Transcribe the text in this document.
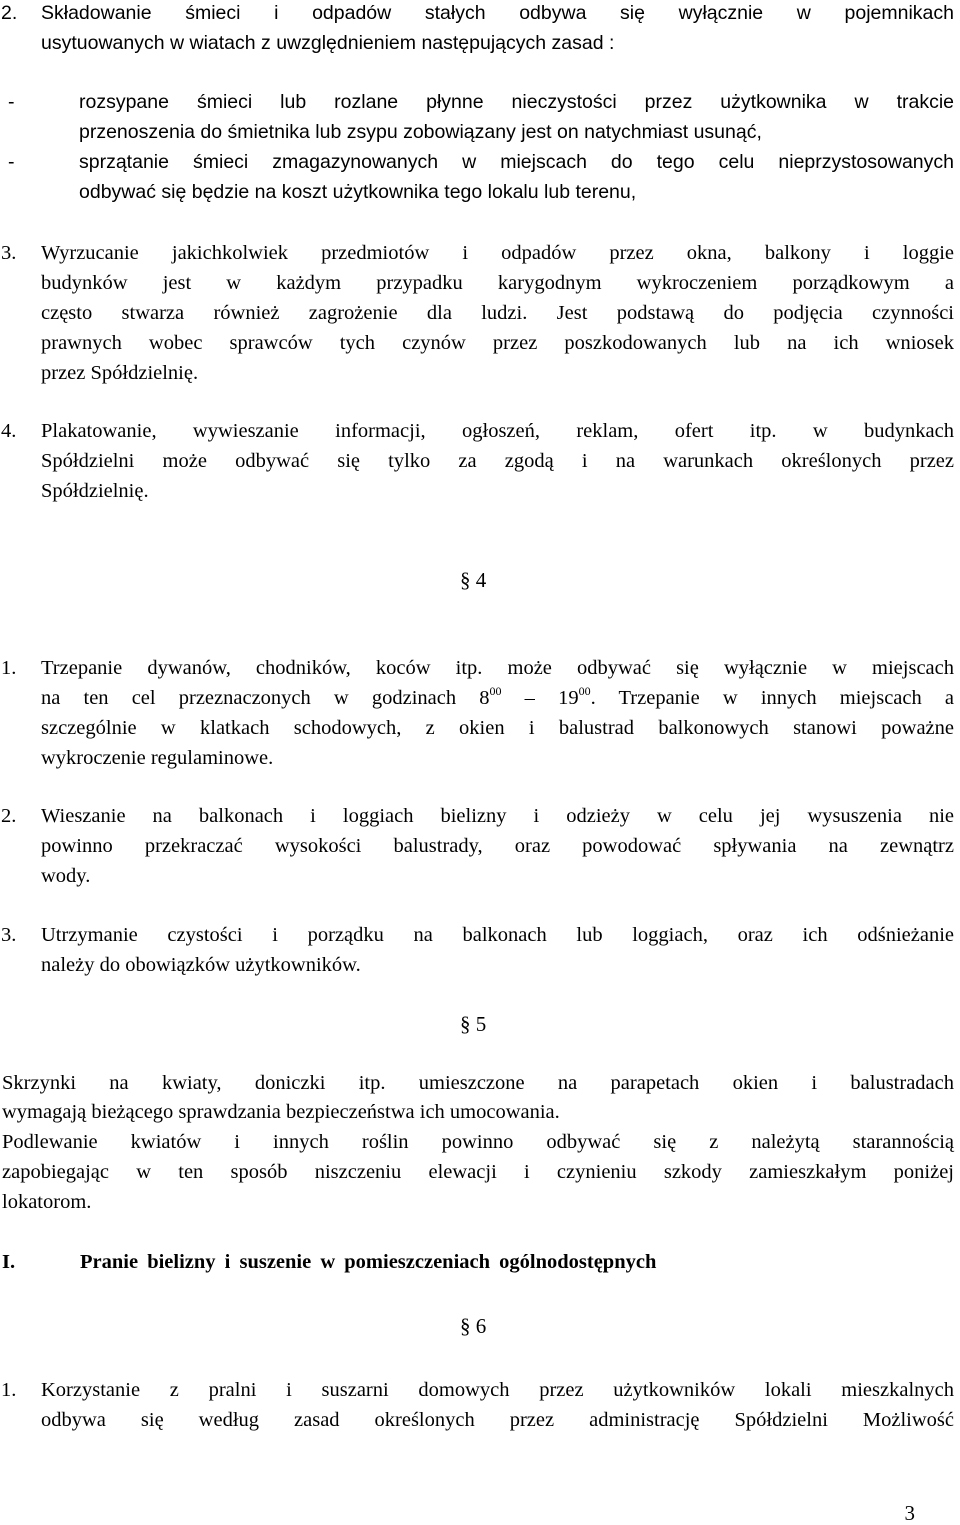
2. Składowanie śmieci i odpadów stałych odbywa się wyłącznie w pojemnikach
usytuowanych w wiatach z uwzględnieniem następujących zasad :
-	rozsypane śmieci lub rozlane płynne nieczystości przez użytkownika w trakcie
przenoszenia do śmietnika lub zsypu zobowiązany jest on natychmiast usunąć,
-	sprzątanie śmieci zmagazynowanych w miejscach do tego celu nieprzystosowanych
odbywać się będzie na koszt użytkownika tego lokalu lub terenu,
3. Wyrzucanie jakichkolwiek przedmiotów i odpadów przez okna, balkony i loggie
budynków jest w każdym przypadku karygodnym wykroczeniem porządkowym a
często stwarza również zagrożenie dla ludzi. Jest podstawą do podjęcia czynności
prawnych wobec sprawców tych czynów przez poszkodowanych lub na ich wniosek
przez Spółdzielnię.
4. Plakatowanie, wywieszanie informacji, ogłoszeń, reklam, ofert itp. w budynkach
Spółdzielni może odbywać się tylko za zgodą i na warunkach określonych przez
Spółdzielnię.
§ 4
1. Trzepanie dywanów, chodników, koców itp. może odbywać się wyłącznie w miejscach
na ten cel przeznaczonych w godzinach $8^{00} - 19^{00}$. Trzepanie w innych miejscach a
szczególnie w klatkach schodowych, z okien i balustrad balkonowych stanowi poważne
wykroczenie regulaminowe.
2. Wieszanie na balkonach i loggiach bielizny i odzieży w celu jej wysuszenia nie
powinno przekraczać wysokości balustrady, oraz powodować spływania na zewnątrz
wody.
3. Utrzymanie czystości i porządku na balkonach lub loggiach, oraz ich odśnieżanie
należy do obowiązków użytkowników.
§ 5
Skrzynki na kwiaty, doniczki itp. umieszczone na parapetach okien i balustradach
wymagają bieżącego sprawdzania bezpieczeństwa ich umocowania.
Podlewanie kwiatów i innych roślin powinno odbywać się z należytą starannością
zapobiegając w ten sposób niszczeniu elewacji i czynieniu szkody zamieszkałym poniżej
lokatorom.
I.	Pranie bielizny i suszenie w pomieszczeniach ogólnodostępnych
§ 6
1. Korzystanie z pralni i suszarni domowych przez użytkowników lokali mieszkalnych
odbywa się według zasad określonych przez administrację Spółdzielni Możliwość
3
